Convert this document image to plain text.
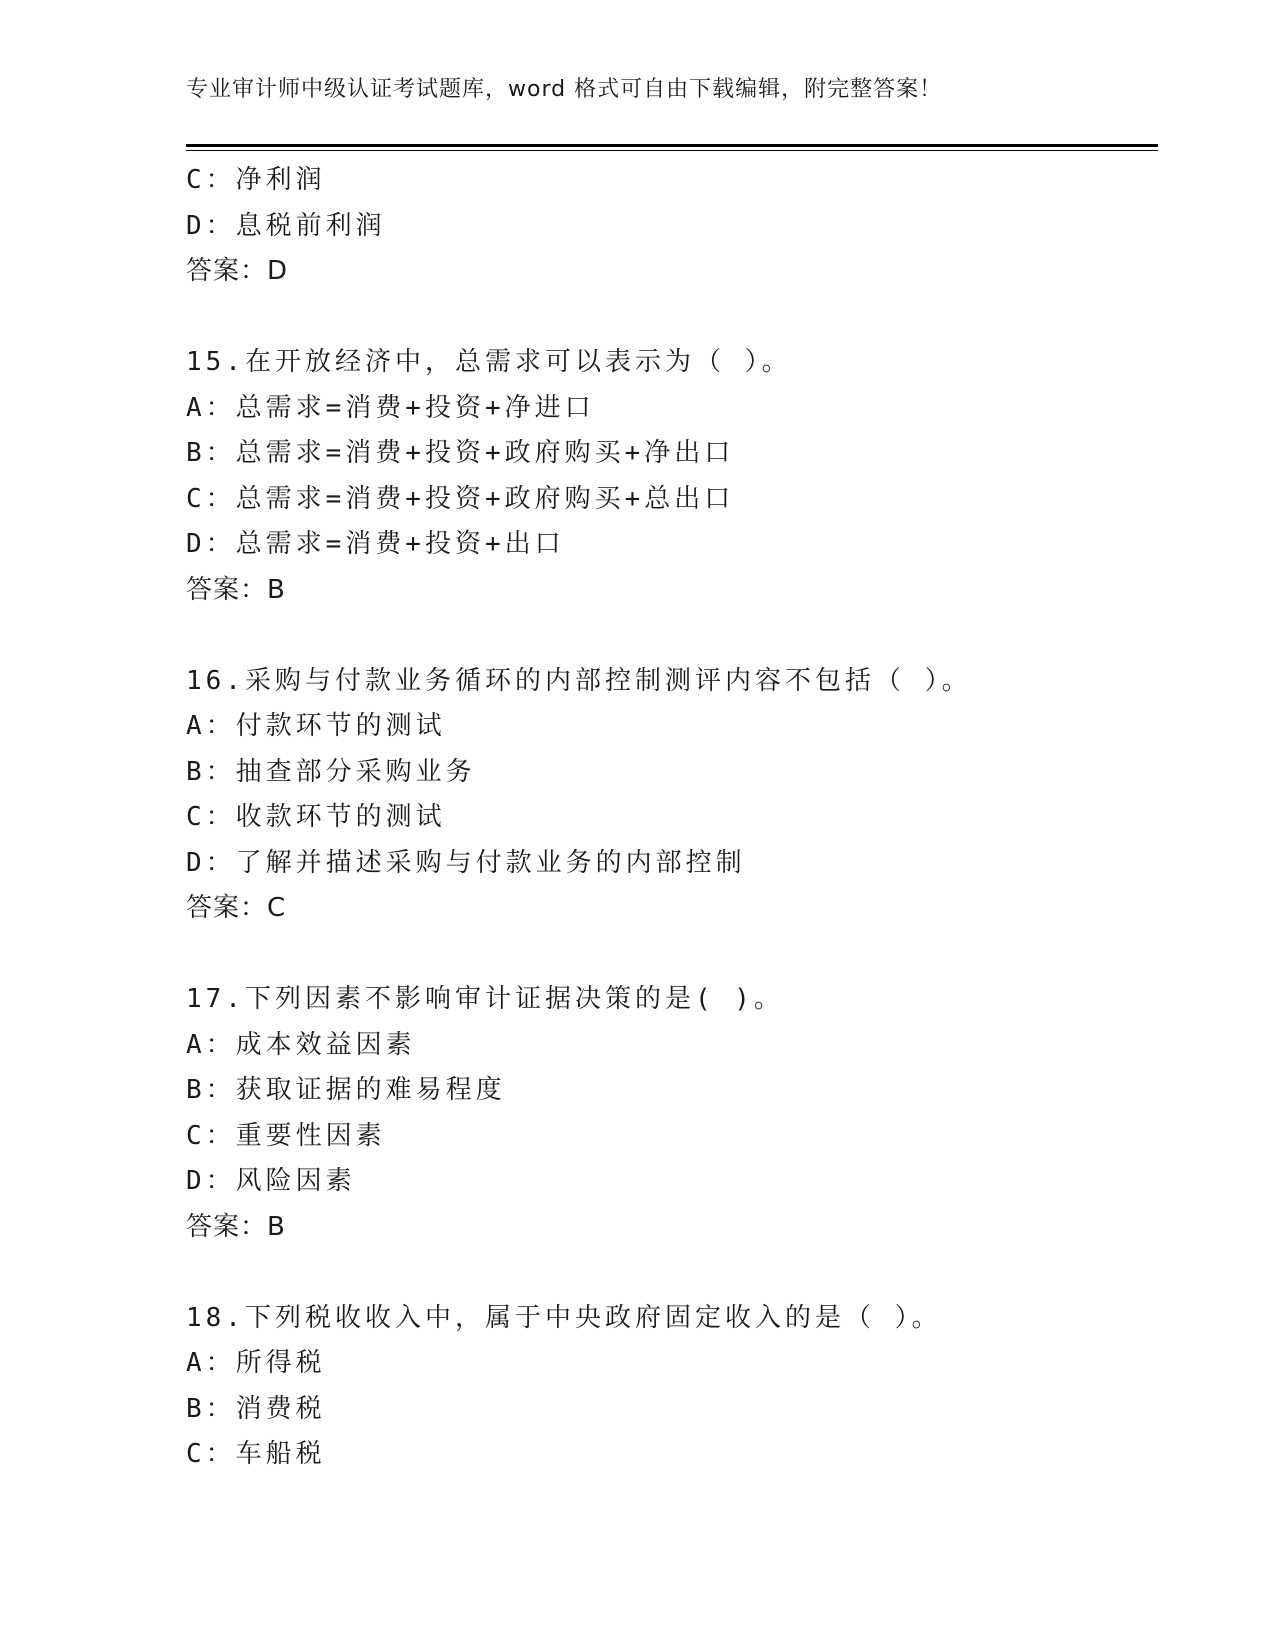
专业审计师中级认证考试题库，word 格式可自由下载编辑，附完整答案！
C：净利润
D：息税前利润
答案：D
15.在开放经济中，总需求可以表示为（ ）。
A：总需求=消费+投资+净进口
B：总需求=消费+投资+政府购买+净出口
C：总需求=消费+投资+政府购买+总出口
D：总需求=消费+投资+出口
答案：B
16.采购与付款业务循环的内部控制测评内容不包括（ ）。
A：付款环节的测试
B：抽查部分采购业务
C：收款环节的测试
D：了解并描述采购与付款业务的内部控制
答案：C
17.下列因素不影响审计证据决策的是( )。
A：成本效益因素
B：获取证据的难易程度
C：重要性因素
D：风险因素
答案：B
18.下列税收收入中，属于中央政府固定收入的是（ ）。
A：所得税
B：消费税
C：车船税
